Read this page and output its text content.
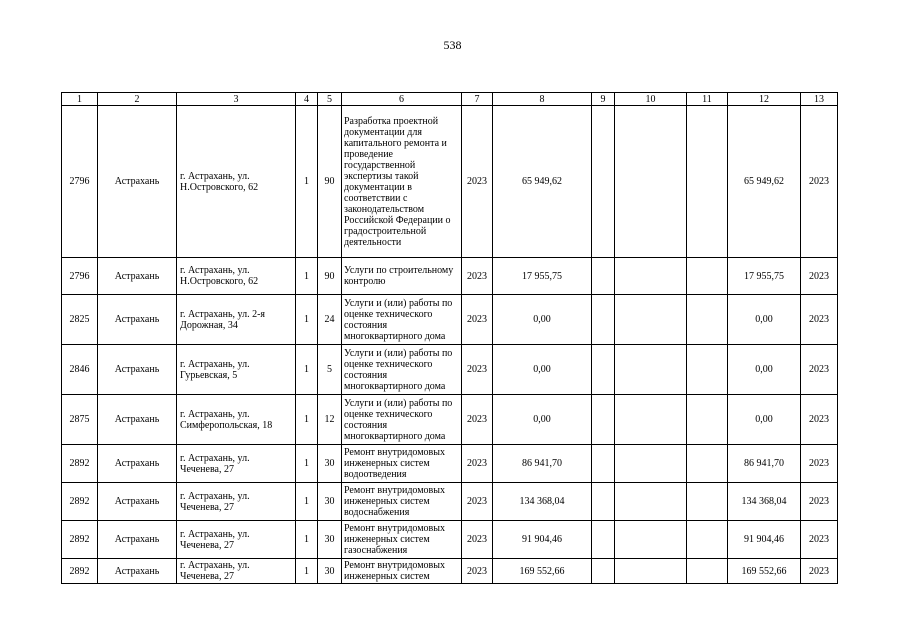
538
1	2	3	4	5	6	7	8	9	10	11	12	13
2796	Астрахань	г. Астрахань, ул. Н.Островского, 62	1	90	Разработка проектной документации для капитального ремонта и проведение государственной экспертизы такой документации в соответствии с законодательством Российской Федерации о градостроительной деятельности	2023	65 949,62				65 949,62	2023
2796	Астрахань	г. Астрахань, ул. Н.Островского, 62	1	90	Услуги по строительному контролю	2023	17 955,75				17 955,75	2023
2825	Астрахань	г. Астрахань, ул. 2-я Дорожная, 34	1	24	Услуги и (или) работы по оценке технического состояния многоквартирного дома	2023	0,00				0,00	2023
2846	Астрахань	г. Астрахань, ул. Гурьевская, 5	1	5	Услуги и (или) работы по оценке технического состояния многоквартирного дома	2023	0,00				0,00	2023
2875	Астрахань	г. Астрахань, ул. Симферопольская, 18	1	12	Услуги и (или) работы по оценке технического состояния многоквартирного дома	2023	0,00				0,00	2023
2892	Астрахань	г. Астрахань, ул. Чеченева, 27	1	30	Ремонт внутридомовых инженерных систем водоотведения	2023	86 941,70				86 941,70	2023
2892	Астрахань	г. Астрахань, ул. Чеченева, 27	1	30	Ремонт внутридомовых инженерных систем водоснабжения	2023	134 368,04				134 368,04	2023
2892	Астрахань	г. Астрахань, ул. Чеченева, 27	1	30	Ремонт внутридомовых инженерных систем газоснабжения	2023	91 904,46				91 904,46	2023
2892	Астрахань	г. Астрахань, ул. Чеченева, 27	1	30	Ремонт внутридомовых инженерных систем	2023	169 552,66				169 552,66	2023
